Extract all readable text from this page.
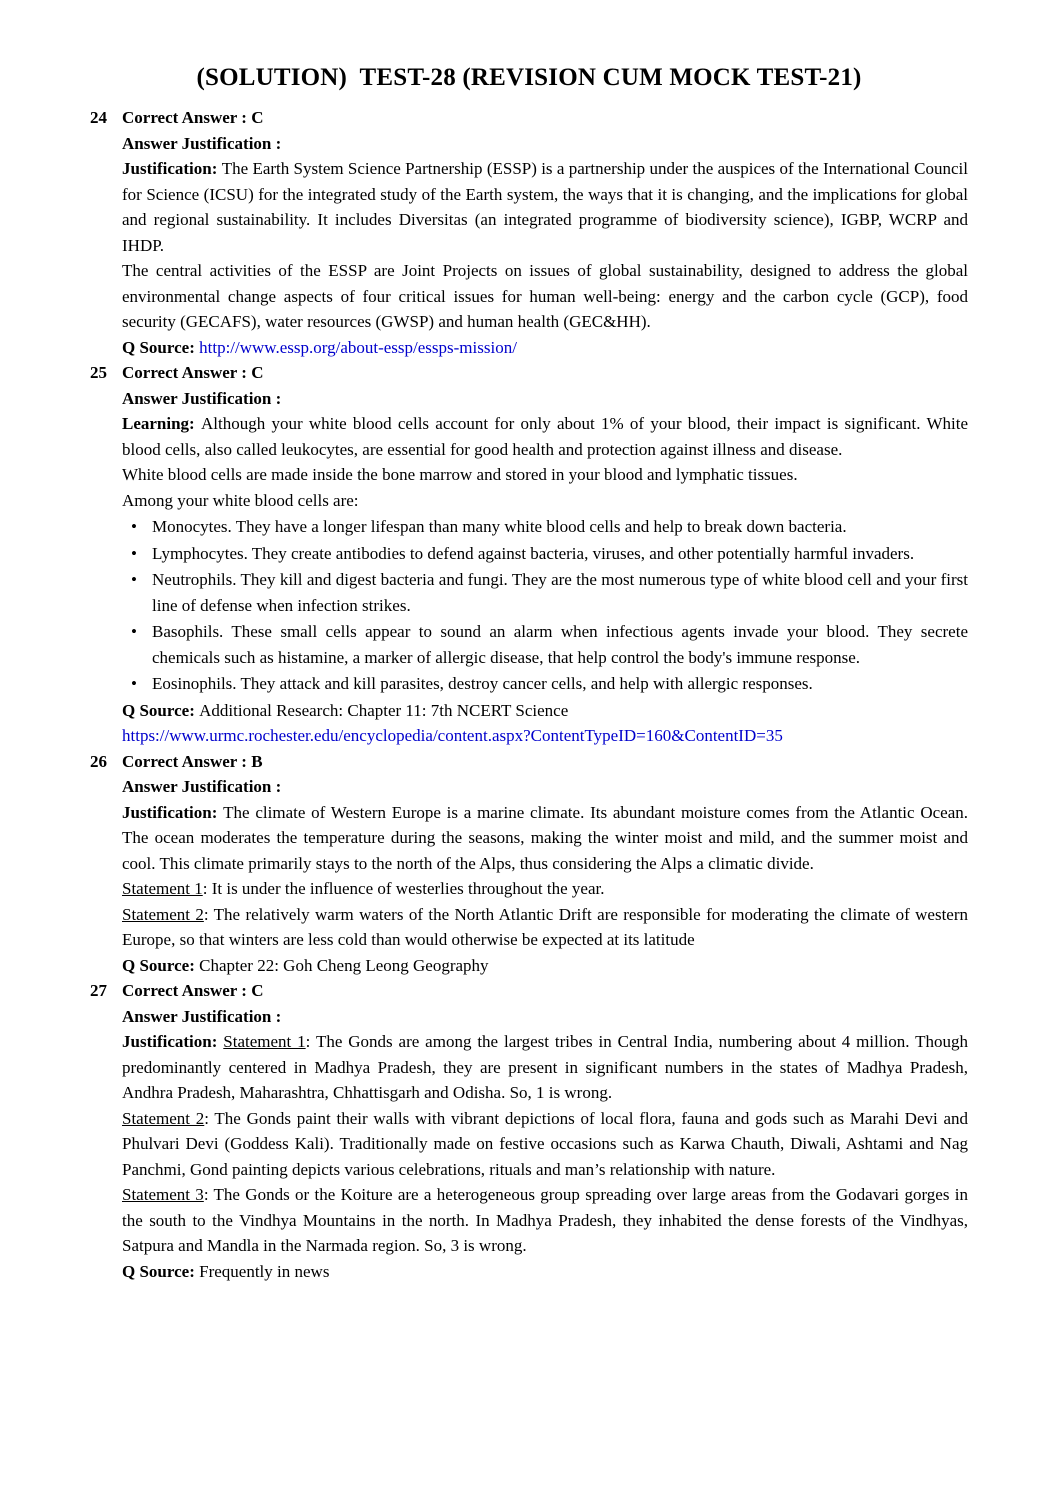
(SOLUTION)  TEST-28 (REVISION CUM MOCK TEST-21)
24 Correct Answer : C
Answer Justification :
Justification: The Earth System Science Partnership (ESSP) is a partnership under the auspices of the International Council for Science (ICSU) for the integrated study of the Earth system, the ways that it is changing, and the implications for global and regional sustainability. It includes Diversitas (an integrated programme of biodiversity science), IGBP, WCRP and IHDP.
The central activities of the ESSP are Joint Projects on issues of global sustainability, designed to address the global environmental change aspects of four critical issues for human well-being: energy and the carbon cycle (GCP), food security (GECAFS), water resources (GWSP) and human health (GEC&HH).
Q Source: http://www.essp.org/about-essp/essps-mission/
25 Correct Answer : C
Answer Justification :
Learning: Although your white blood cells account for only about 1% of your blood, their impact is significant. White blood cells, also called leukocytes, are essential for good health and protection against illness and disease.
White blood cells are made inside the bone marrow and stored in your blood and lymphatic tissues.
Among your white blood cells are:
• Monocytes. They have a longer lifespan than many white blood cells and help to break down bacteria.
• Lymphocytes. They create antibodies to defend against bacteria, viruses, and other potentially harmful invaders.
• Neutrophils. They kill and digest bacteria and fungi. They are the most numerous type of white blood cell and your first line of defense when infection strikes.
• Basophils. These small cells appear to sound an alarm when infectious agents invade your blood. They secrete chemicals such as histamine, a marker of allergic disease, that help control the body's immune response.
• Eosinophils. They attack and kill parasites, destroy cancer cells, and help with allergic responses.
Q Source: Additional Research: Chapter 11: 7th NCERT Science
https://www.urmc.rochester.edu/encyclopedia/content.aspx?ContentTypeID=160&ContentID=35
26 Correct Answer : B
Answer Justification :
Justification: The climate of Western Europe is a marine climate. Its abundant moisture comes from the Atlantic Ocean. The ocean moderates the temperature during the seasons, making the winter moist and mild, and the summer moist and cool. This climate primarily stays to the north of the Alps, thus considering the Alps a climatic divide.
Statement 1: It is under the influence of westerlies throughout the year.
Statement 2: The relatively warm waters of the North Atlantic Drift are responsible for moderating the climate of western Europe, so that winters are less cold than would otherwise be expected at its latitude
Q Source: Chapter 22: Goh Cheng Leong Geography
27 Correct Answer : C
Answer Justification :
Justification: Statement 1: The Gonds are among the largest tribes in Central India, numbering about 4 million. Though predominantly centered in Madhya Pradesh, they are present in significant numbers in the states of Madhya Pradesh, Andhra Pradesh, Maharashtra, Chhattisgarh and Odisha. So, 1 is wrong.
Statement 2: The Gonds paint their walls with vibrant depictions of local flora, fauna and gods such as Marahi Devi and Phulvari Devi (Goddess Kali). Traditionally made on festive occasions such as Karwa Chauth, Diwali, Ashtami and Nag Panchmi, Gond painting depicts various celebrations, rituals and man’s relationship with nature.
Statement 3: The Gonds or the Koiture are a heterogeneous group spreading over large areas from the Godavari gorges in the south to the Vindhya Mountains in the north. In Madhya Pradesh, they inhabited the dense forests of the Vindhyas, Satpura and Mandla in the Narmada region. So, 3 is wrong.
Q Source: Frequently in news
